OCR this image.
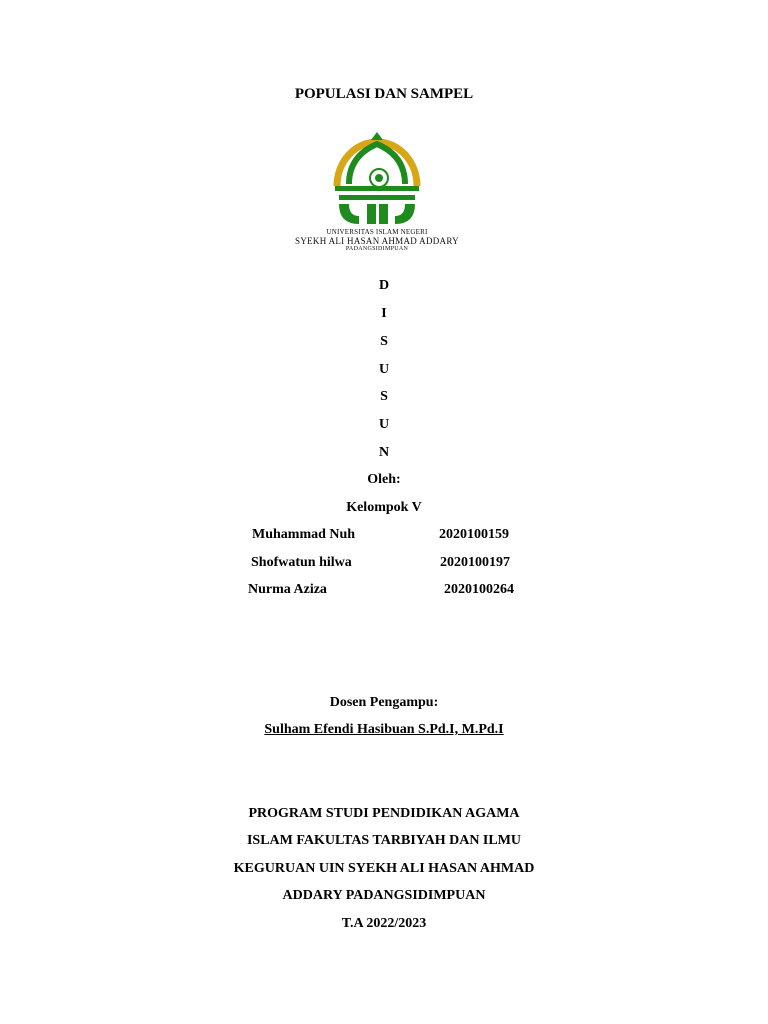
POPULASI DAN SAMPEL
UNIVERSITAS ISLAM NEGERI
SYEKH ALI HASAN AHMAD ADDARY
PADANGSIDIMPUAN
D
I
S
U
S
U
N
Oleh:
Kelompok V
Muhammad Nuh	2020100159
Shofwatun hilwa	2020100197
Nurma Aziza	2020100264
Dosen Pengampu:
Sulham Efendi Hasibuan S.Pd.I, M.Pd.I
PROGRAM STUDI PENDIDIKAN AGAMA
ISLAM FAKULTAS TARBIYAH DAN ILMU
KEGURUAN UIN SYEKH ALI HASAN AHMAD
ADDARY PADANGSIDIMPUAN
T.A 2022/2023
